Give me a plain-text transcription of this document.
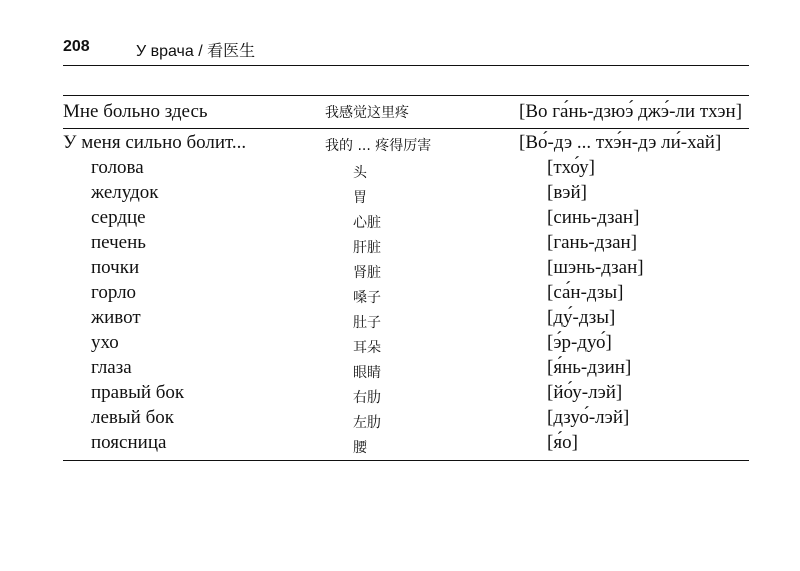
208	У врача / 看医生
Мне больно здесь	我感觉这里疼	[Во га́нь-дзюэ́ джэ́-ли тхэн]
У меня сильно болит...	我的 ... 疼得厉害	[Во́-дэ ... тхэ́н-дэ ли́-хай]
голова	头	[тхо́у]
желудок	胃	[вэй]
сердце	心脏	[синь-дзан]
печень	肝脏	[гань-дзан]
почки	肾脏	[шэнь-дзан]
горло	嗓子	[са́н-дзы]
живот	肚子	[ду́-дзы]
ухо	耳朵	[э́р-дуо́]
глаза	眼睛	[я́нь-дзин]
правый бок	右肋	[йо́у-лэй]
левый бок	左肋	[дзуо́-лэй]
поясница	腰	[я́о]
